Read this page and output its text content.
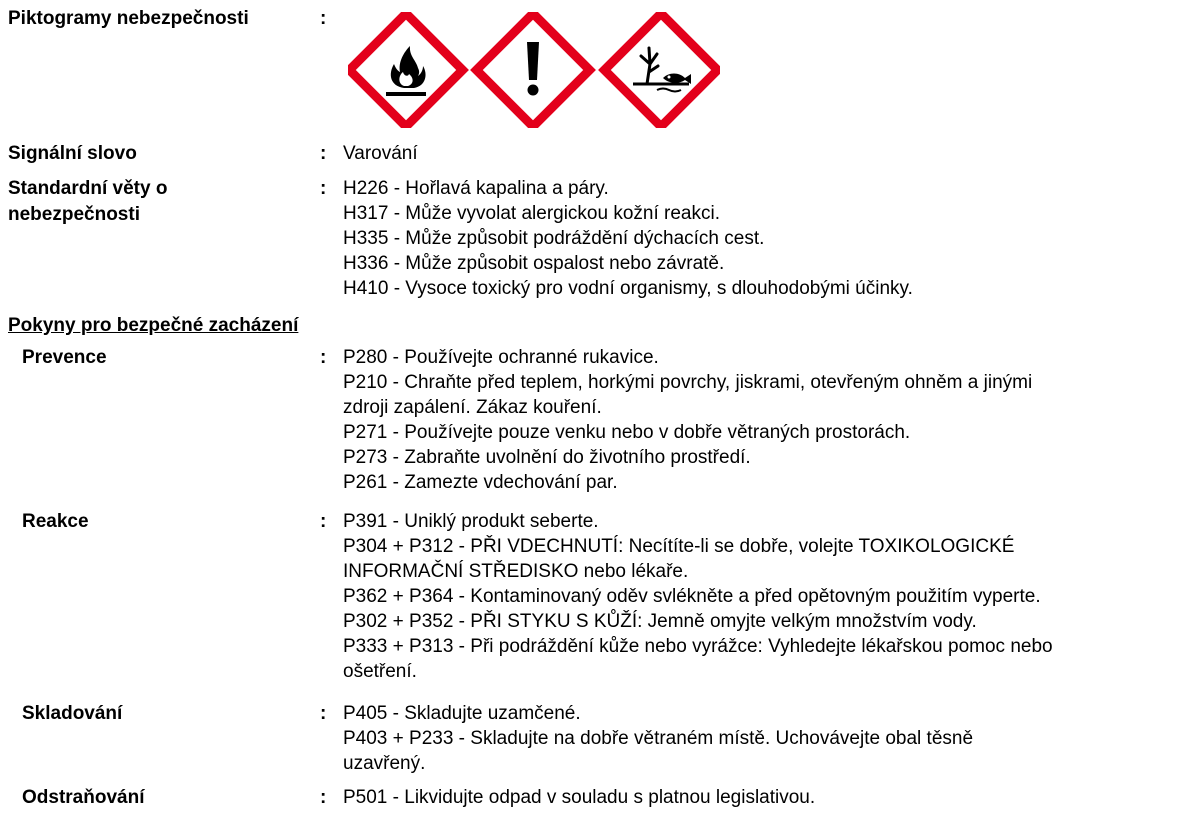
Piktogramy nebezpečnosti	:
Signální slovo	: Varování
Standardní věty o
nebezpečnosti
: H226 - Hořlavá kapalina a páry.
H317 - Může vyvolat alergickou kožní reakci.
H335 - Může způsobit podráždění dýchacích cest.
H336 - Může způsobit ospalost nebo závratě.
H410 - Vysoce toxický pro vodní organismy, s dlouhodobými účinky.
Pokyny pro bezpečné zacházení
Prevence	: P280 - Používejte ochranné rukavice.
P210 - Chraňte před teplem, horkými povrchy, jiskrami, otevřeným ohněm a jinými
zdroji zapálení. Zákaz kouření.
P271 - Používejte pouze venku nebo v dobře větraných prostorách.
P273 - Zabraňte uvolnění do životního prostředí.
P261 - Zamezte vdechování par.
Reakce	: P391 - Uniklý produkt seberte.
P304 + P312 - PŘI VDECHNUTÍ: Necítíte-li se dobře, volejte TOXIKOLOGICKÉ
INFORMAČNÍ STŘEDISKO nebo lékaře.
P362 + P364 - Kontaminovaný oděv svlékněte a před opětovným použitím vyperte.
P302 + P352 - PŘI STYKU S KŮŽÍ: Jemně omyjte velkým množstvím vody.
P333 + P313 - Při podráždění kůže nebo vyrážce: Vyhledejte lékařskou pomoc nebo
ošetření.
Skladování	: P405 - Skladujte uzamčené.
P403 + P233 - Skladujte na dobře větraném místě. Uchovávejte obal těsně
uzavřený.
Odstraňování	: P501 - Likvidujte odpad v souladu s platnou legislativou.
